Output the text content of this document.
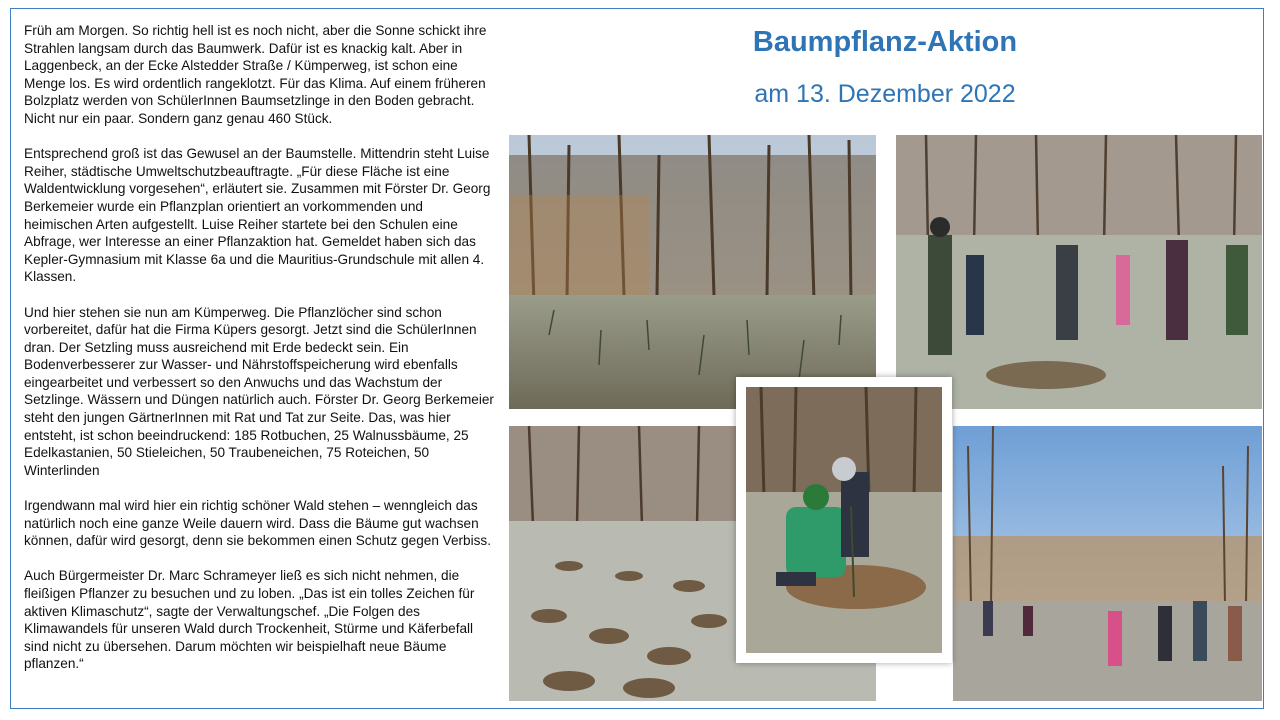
Früh am Morgen. So richtig hell ist es noch nicht, aber die Sonne schickt ihre Strahlen langsam durch das Baumwerk. Dafür ist es knackig kalt. Aber in Laggenbeck, an der Ecke Alstedder Straße / Kümperweg, ist schon eine Menge los. Es wird ordentlich rangeklotzt. Für das Klima. Auf einem früheren Bolzplatz werden von SchülerInnen Baumsetzlinge in den Boden gebracht. Nicht nur ein paar. Sondern ganz genau 460 Stück.

Entsprechend groß ist das Gewusel an der Baumstelle. Mittendrin steht Luise Reiher, städtische Umweltschutzbeauftragte. „Für diese Fläche ist eine Waldentwicklung vorgesehen“, erläutert sie. Zusammen mit Förster Dr. Georg Berkemeier wurde ein Pflanzplan orientiert an vorkommenden und heimischen Arten aufgestellt. Luise Reiher startete bei den Schulen eine Abfrage, wer Interesse an einer Pflanzaktion hat. Gemeldet haben sich das Kepler-Gymnasium mit Klasse 6a und die Mauritius-Grundschule mit allen 4. Klassen.

Und hier stehen sie nun am Kümperweg. Die Pflanzlöcher sind schon vorbereitet, dafür hat die Firma Küpers gesorgt. Jetzt sind die SchülerInnen dran. Der Setzling muss ausreichend mit Erde bedeckt sein. Ein Bodenverbesserer zur Wasser- und Nährstoffspeicherung wird ebenfalls eingearbeitet und verbessert so den Anwuchs und das Wachstum der Setzlinge. Wässern und Düngen natürlich auch. Förster Dr. Georg Berkemeier steht den jungen GärtnerInnen mit Rat und Tat zur Seite. Das, was hier entsteht, ist schon beeindruckend: 185 Rotbuchen, 25 Walnussbäume, 25 Edelkastanien, 50 Stieleichen, 50 Traubeneichen, 75 Roteichen, 50 Winterlinden

Irgendwann mal wird hier ein richtig schöner Wald stehen – wenngleich das natürlich noch eine ganze Weile dauern wird. Dass die Bäume gut wachsen können, dafür wird gesorgt, denn sie bekommen einen Schutz gegen Verbiss.

Auch Bürgermeister Dr. Marc Schrameyer ließ es sich nicht nehmen, die fleißigen Pflanzer zu besuchen und zu loben. „Das ist ein tolles Zeichen für aktiven Klimaschutz“, sagte der Verwaltungschef. „Die Folgen des Klimawandels für unseren Wald durch Trockenheit, Stürme und Käferbefall sind nicht zu übersehen. Darum möchten wir beispielhaft neue Bäume pflanzen.“

Baumpflanz-Aktion
am 13. Dezember 2022
